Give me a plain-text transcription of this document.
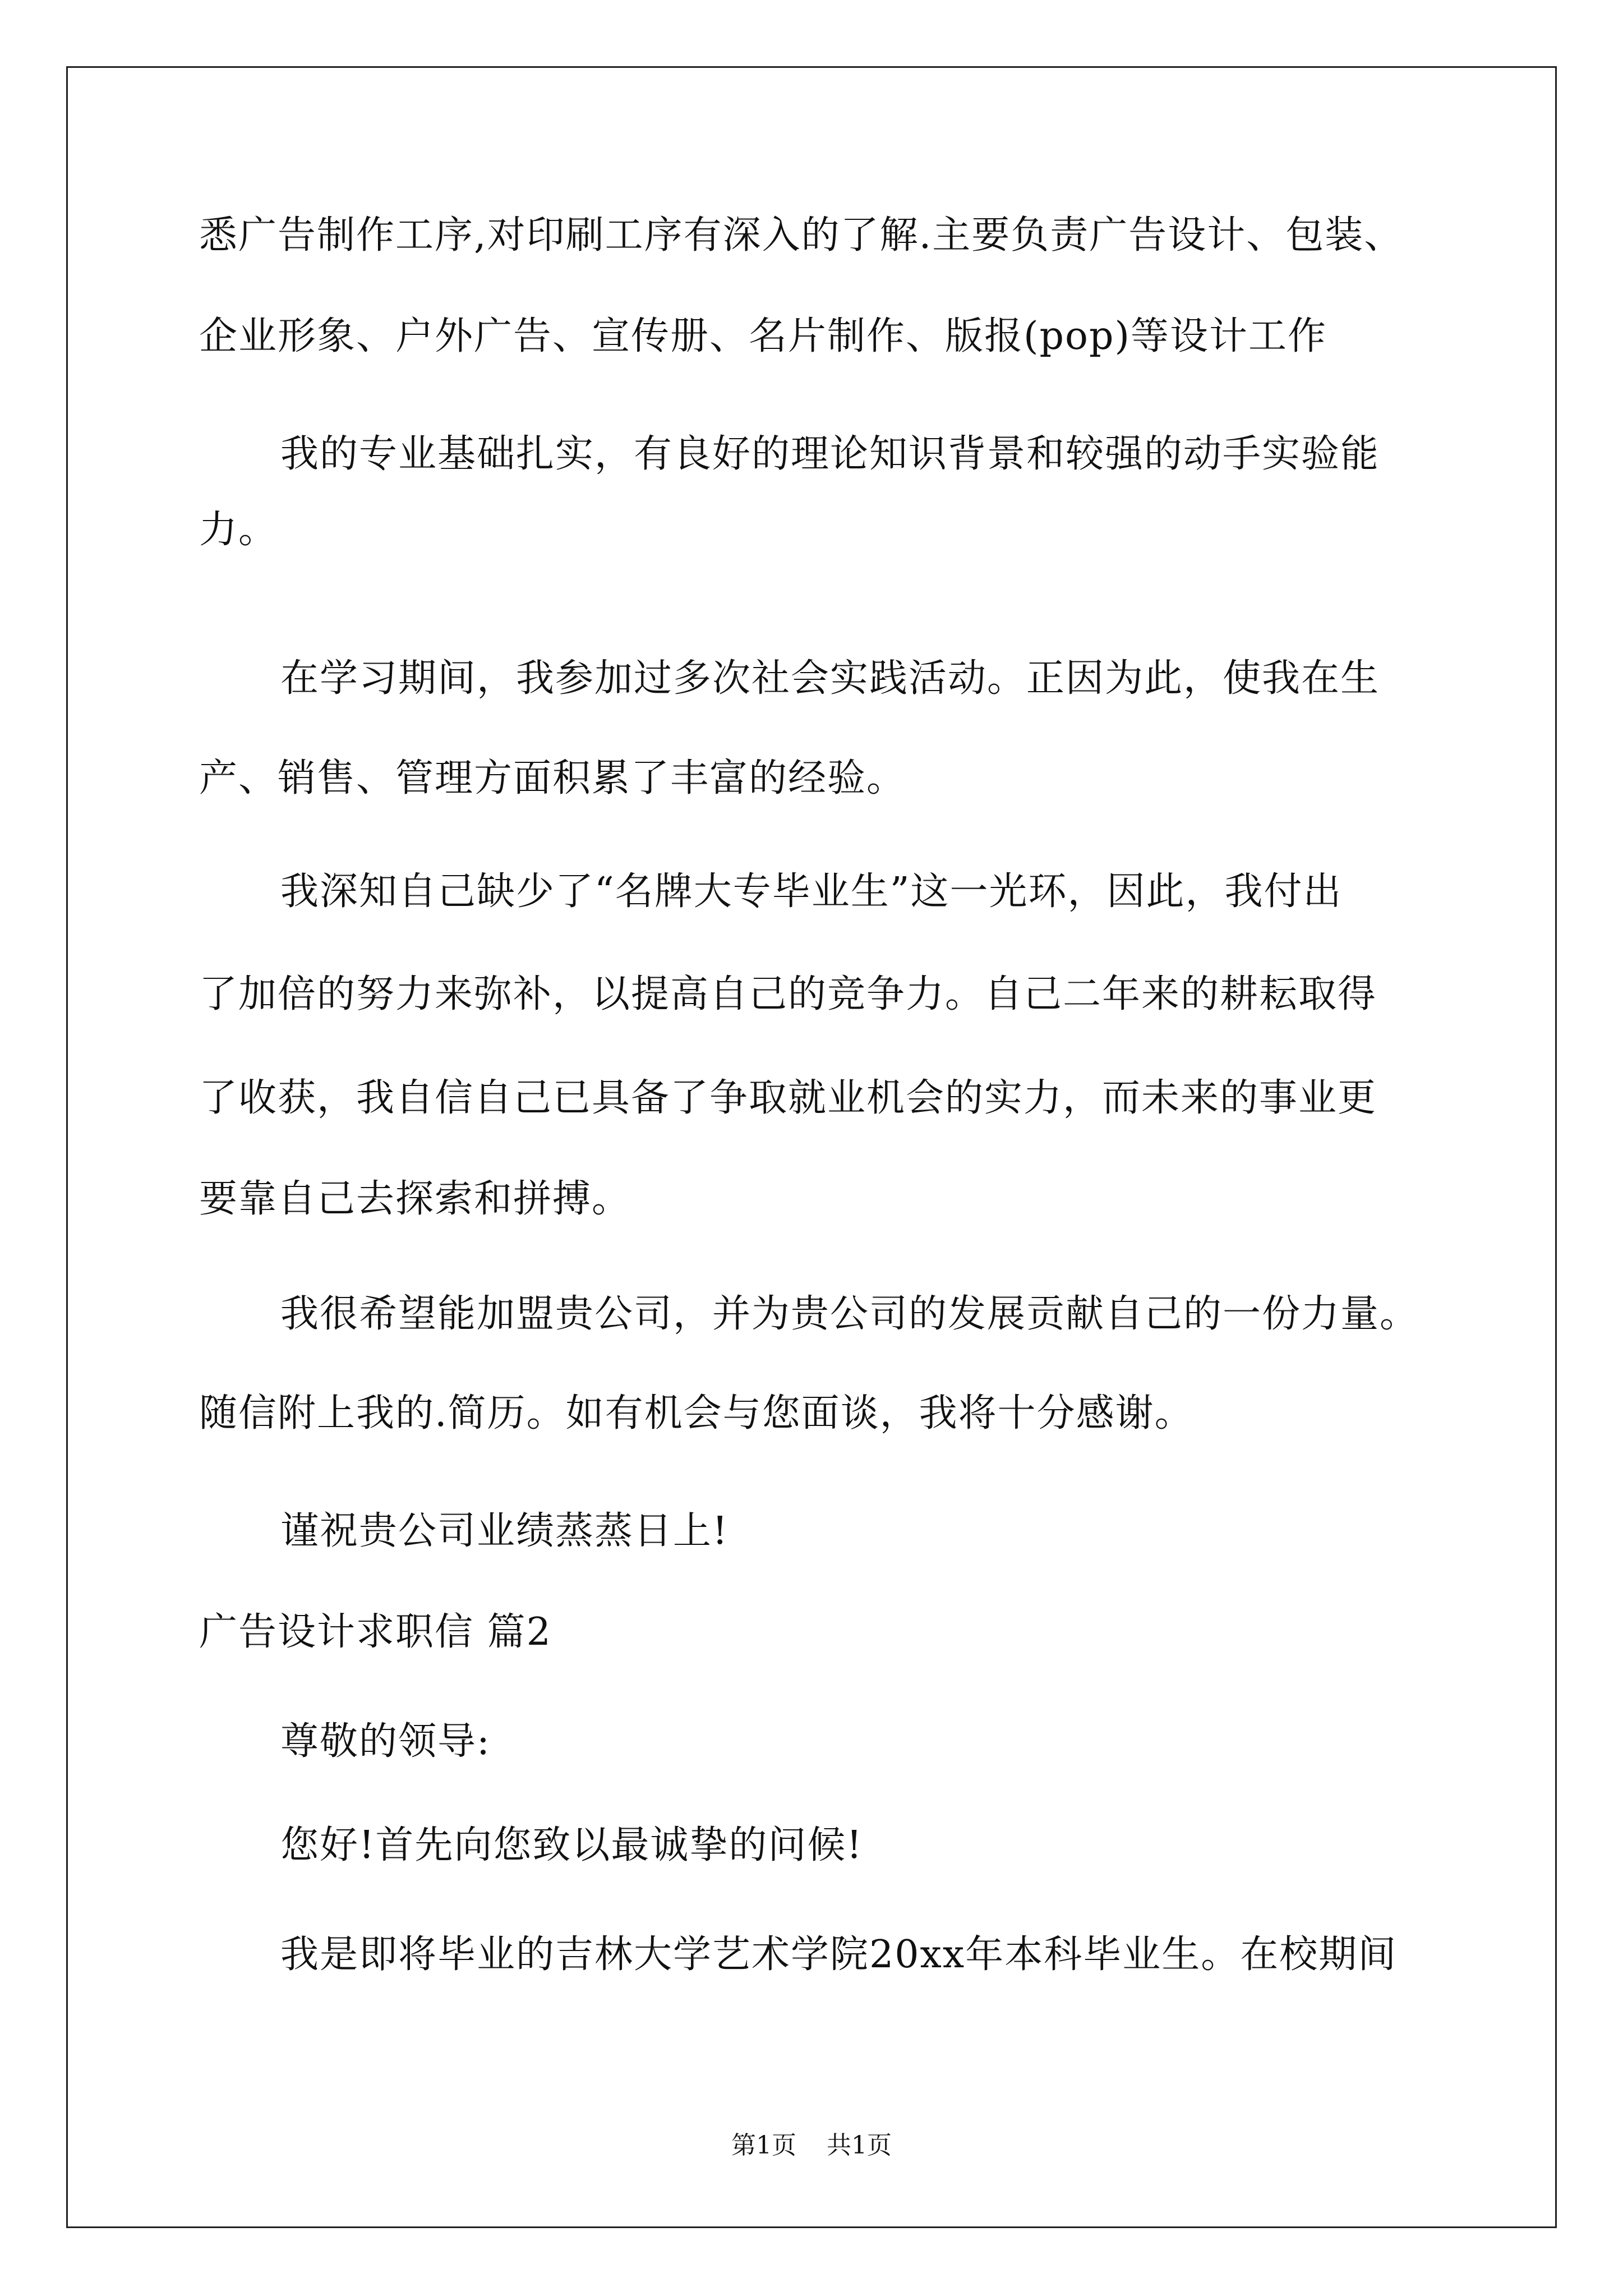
悉广告制作工序,对印刷工序有深入的了解.主要负责广告设计、包装、
企业形象、户外广告、宣传册、名片制作、版报(pop)等设计工作
我的专业基础扎实，有良好的理论知识背景和较强的动手实验能
力。
在学习期间，我参加过多次社会实践活动。正因为此，使我在生
产、销售、管理方面积累了丰富的经验。
我深知自己缺少了“名牌大专毕业生”这一光环，因此，我付出
了加倍的努力来弥补，以提高自己的竞争力。自己二年来的耕耘取得
了收获，我自信自己已具备了争取就业机会的实力，而未来的事业更
要靠自己去探索和拼搏。
我很希望能加盟贵公司，并为贵公司的发展贡献自己的一份力量。
随信附上我的.简历。如有机会与您面谈，我将十分感谢。
谨祝贵公司业绩蒸蒸日上!
广告设计求职信 篇2
尊敬的领导:
您好!首先向您致以最诚挚的问候!
我是即将毕业的吉林大学艺术学院20xx年本科毕业生。在校期间
第1页 共1页
